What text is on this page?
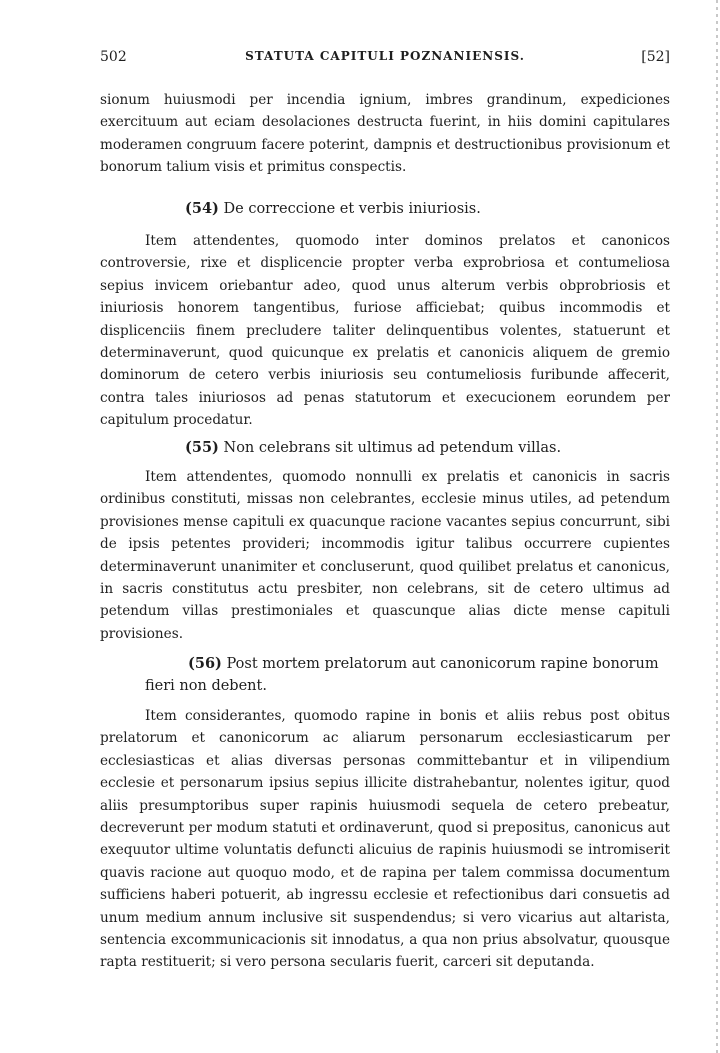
502	STATUTA CAPITULI POZNANIENSIS.	[52]

sionum huiusmodi per incendia ignium, imbres grandinum, expediciones exercituum aut eciam desolaciones destructa fuerint, in hiis domini capitulares moderamen congruum facere poterint, dampnis et destructionibus provisionum et bonorum talium visis et primitus conspectis.

(54) De correccione et verbis iniuriosis.

Item attendentes, quomodo inter dominos prelatos et canonicos controversie, rixe et displicencie propter verba exprobriosa et contumeliosa sepius invicem oriebantur adeo, quod unus alterum verbis obprobriosis et iniuriosis honorem tangentibus, furiose afficiebat; quibus incommodis et displicenciis finem precludere taliter delinquentibus volentes, statuerunt et determinaverunt, quod quicunque ex prelatis et canonicis aliquem de gremio dominorum de cetero verbis iniuriosis seu contumeliosis furibunde affecerit, contra tales iniuriosos ad penas statutorum et execucionem eorundem per capitulum procedatur.

(55) Non celebrans sit ultimus ad petendum villas.

Item attendentes, quomodo nonnulli ex prelatis et canonicis in sacris ordinibus constituti, missas non celebrantes, ecclesie minus utiles, ad petendum provisiones mense capituli ex quacunque racione vacantes sepius concurrunt, sibi de ipsis petentes provideri; incommodis igitur talibus occurrere cupientes determinaverunt unanimiter et concluserunt, quod quilibet prelatus et canonicus, in sacris constitutus actu presbiter, non celebrans, sit de cetero ultimus ad petendum villas prestimoniales et quascunque alias dicte mense capituli provisiones.

(56) Post mortem prelatorum aut canonicorum rapine bonorum
fieri non debent.

Item considerantes, quomodo rapine in bonis et aliis rebus post obitus prelatorum et canonicorum ac aliarum personarum ecclesiasticarum per ecclesiasticas et alias diversas personas committebantur et in vilipendium ecclesie et personarum ipsius sepius illicite distrahebantur, nolentes igitur, quod aliis presumptoribus super rapinis huiusmodi sequela de cetero prebeatur, decreverunt per modum statuti et ordinaverunt, quod si prepositus, canonicus aut exequutor ultime voluntatis defuncti alicuius de rapinis huiusmodi se intromiserit quavis racione aut quoquo modo, et de rapina per talem commissa documentum sufficiens haberi potuerit, ab ingressu ecclesie et refectionibus dari consuetis ad unum medium annum inclusive sit suspendendus; si vero vicarius aut altarista, sentencia excommunicacionis sit innodatus, a qua non prius absolvatur, quousque rapta restituerit; si vero persona secularis fuerit, carceri sit deputanda.
